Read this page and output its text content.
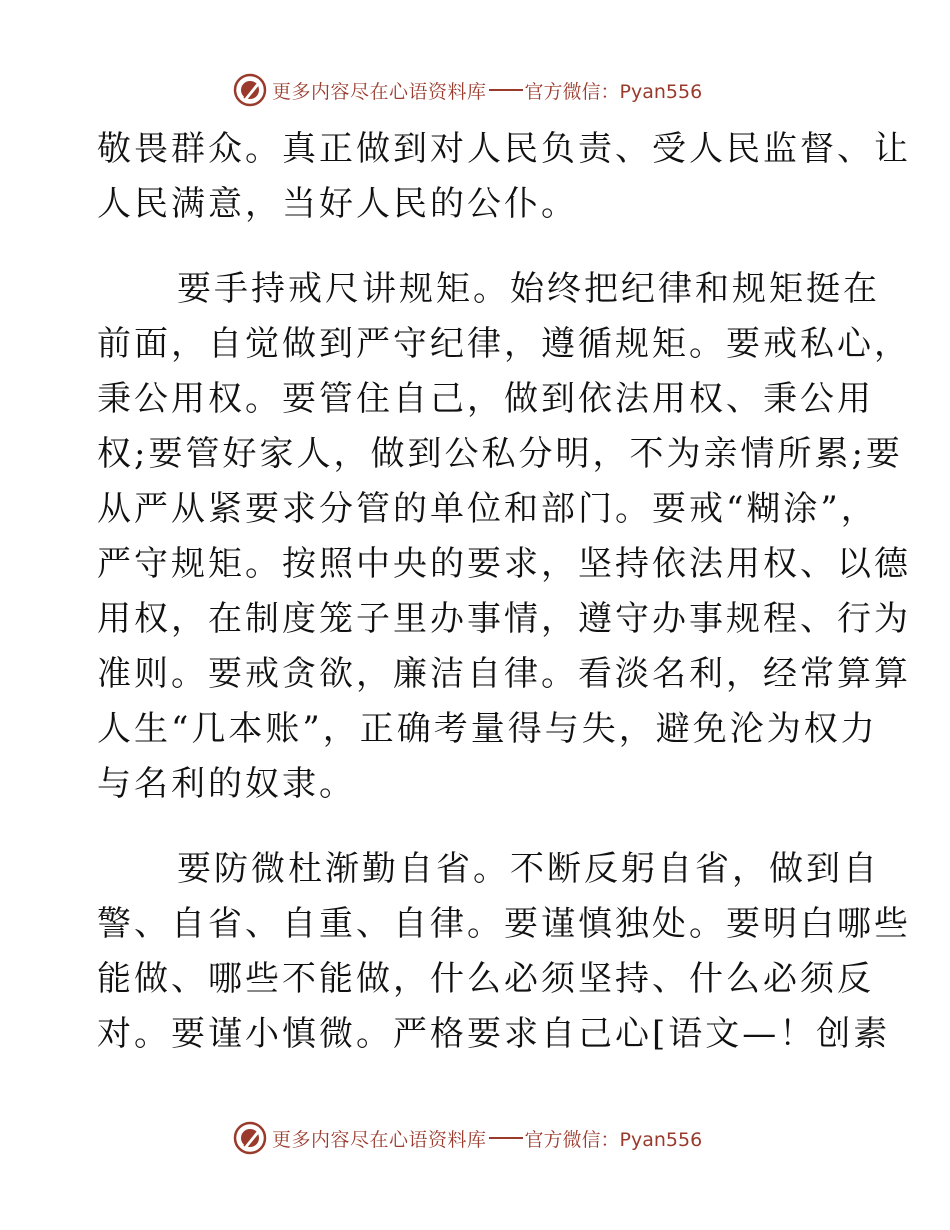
更多内容尽在心语资料库 官方微信：Pyan556
敬畏群众。真正做到对人民负责、受人民监督、让
人民满意，当好人民的公仆。
要手持戒尺讲规矩。始终把纪律和规矩挺在
前面，自觉做到严守纪律，遵循规矩。要戒私心，
秉公用权。要管住自己，做到依法用权、秉公用
权;要管好家人，做到公私分明，不为亲情所累;要
从严从紧要求分管的单位和部门。要戒“糊涂”，
严守规矩。按照中央的要求，坚持依法用权、以德
用权，在制度笼子里办事情，遵守办事规程、行为
准则。要戒贪欲，廉洁自律。看淡名利，经常算算
人生“几本账”，正确考量得与失，避免沦为权力
与名利的奴隶。
要防微杜渐勤自省。不断反躬自省，做到自
警、自省、自重、自律。要谨慎独处。要明白哪些
能做、哪些不能做，什么必须坚持、什么必须反
对。要谨小慎微。严格要求自己心[语文—！创素
更多内容尽在心语资料库 官方微信：Pyan556
